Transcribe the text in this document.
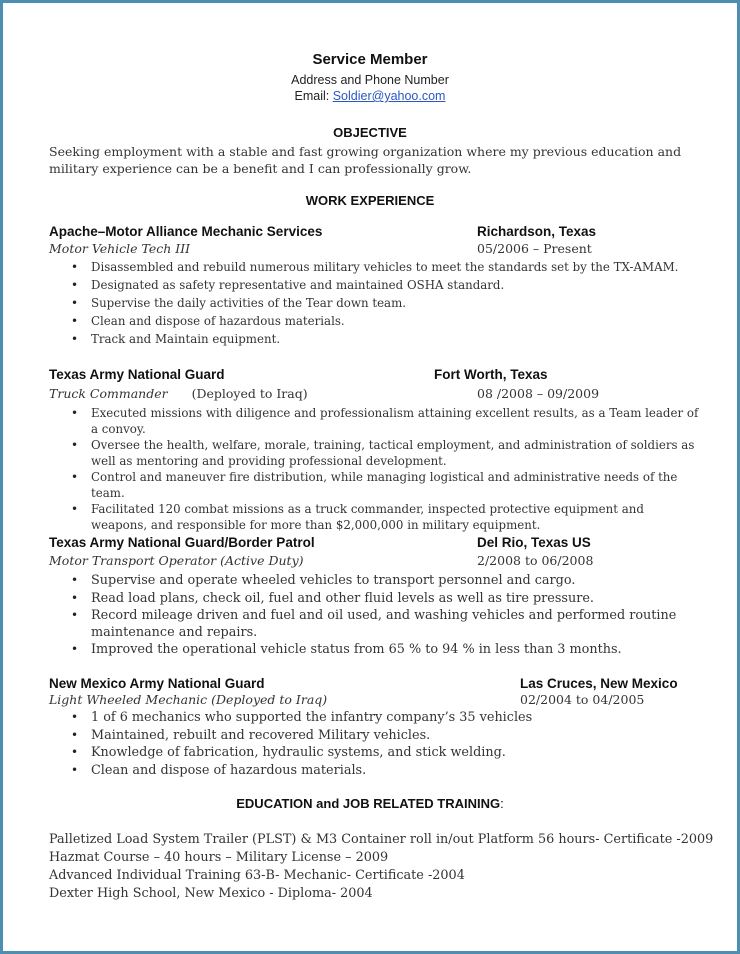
Service Member
Address and Phone Number
Email: Soldier@yahoo.com
OBJECTIVE
Seeking employment with a stable and fast growing organization where my previous education and military experience can be a benefit and I can professionally grow.
WORK EXPERIENCE
Apache–Motor Alliance Mechanic Services	Richardson, Texas
Motor Vehicle Tech III	05/2006 – Present
• Disassembled and rebuild numerous military vehicles to meet the standards set by the TX-AMAM.
• Designated as safety representative and maintained OSHA standard.
• Supervise the daily activities of the Tear down team.
• Clean and dispose of hazardous materials.
• Track and Maintain equipment.
Texas Army National Guard	Fort Worth, Texas
Truck Commander (Deployed to Iraq)	08 /2008 – 09/2009
• Executed missions with diligence and professionalism attaining excellent results, as a Team leader of a convoy.
• Oversee the health, welfare, morale, training, tactical employment, and administration of soldiers as well as mentoring and providing professional development.
• Control and maneuver fire distribution, while managing logistical and administrative needs of the team.
• Facilitated 120 combat missions as a truck commander, inspected protective equipment and weapons, and responsible for more than $2,000,000 in military equipment.
Texas Army National Guard/Border Patrol	Del Rio, Texas US
Motor Transport Operator (Active Duty)	2/2008 to 06/2008
• Supervise and operate wheeled vehicles to transport personnel and cargo.
• Read load plans, check oil, fuel and other fluid levels as well as tire pressure.
• Record mileage driven and fuel and oil used, and washing vehicles and performed routine maintenance and repairs.
• Improved the operational vehicle status from 65 % to 94 % in less than 3 months.
New Mexico Army National Guard	Las Cruces, New Mexico
Light Wheeled Mechanic (Deployed to Iraq)	02/2004 to 04/2005
• 1 of 6 mechanics who supported the infantry company’s 35 vehicles
• Maintained, rebuilt and recovered Military vehicles.
• Knowledge of fabrication, hydraulic systems, and stick welding.
• Clean and dispose of hazardous materials.
EDUCATION and JOB RELATED TRAINING:
Palletized Load System Trailer (PLST) & M3 Container roll in/out Platform 56 hours- Certificate -2009
Hazmat Course – 40 hours – Military License – 2009
Advanced Individual Training 63-B- Mechanic- Certificate -2004
Dexter High School, New Mexico - Diploma- 2004
